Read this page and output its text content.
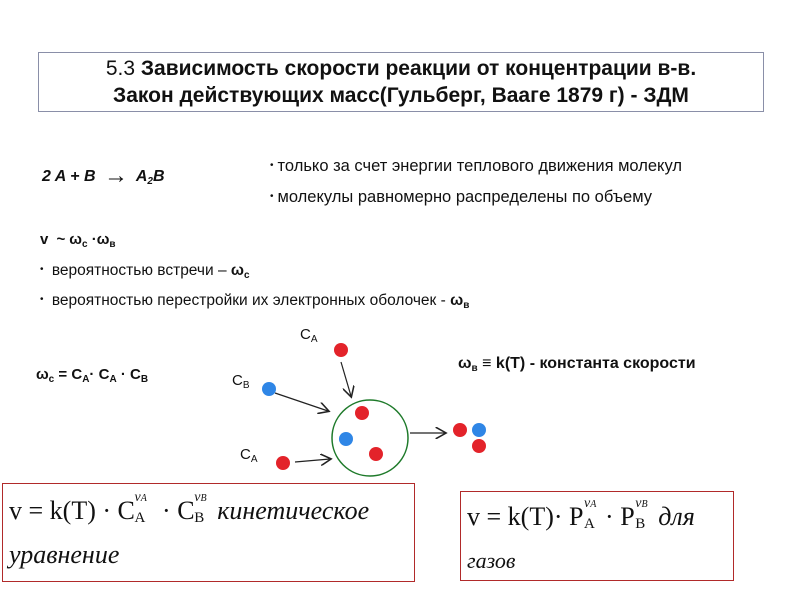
5.3 Зависимость скорости реакции от концентрации в-в.
Закон действующих масс(Гульберг, Вааге 1879 г) - ЗДМ
2 $A + B \to A_2B$
• только за счет энергии теплового движения молекул
• молекулы равномерно распределены по объему
v ~ $\omega_c \cdot\omega_в$
• вероятностью встречи – $\omega_c$
• вероятностью перестройки их электронных оболочек - $\omega_в$
$\omega_c = C_A\cdot C_A \cdot C_B$
$\omega_в \equiv k(T)$ - константа скорости
$C_A$
$C_B$
$C_A$
v = k(T) · C A
νA · C B
νB кинетическое
уравнение
v = k(T)· P A
νA · P B
νB для
газов
